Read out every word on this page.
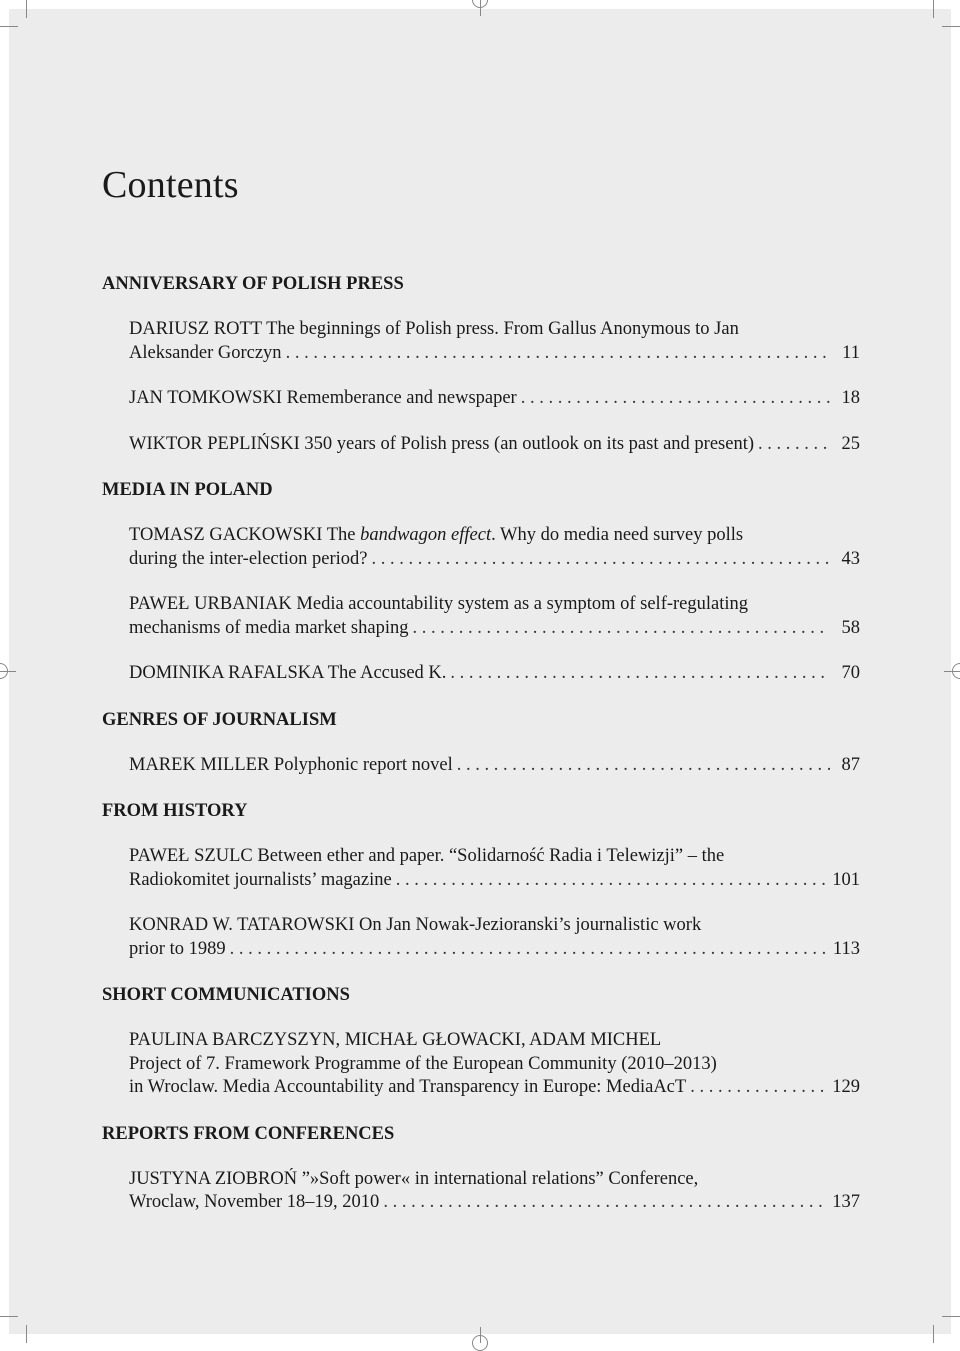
Contents
ANNIVERSARY OF POLISH PRESS
DARIUSZ ROTT The beginnings of Polish press. From Gallus Anonymous to Jan
Aleksander Gorczyn . . .	11
JAN TOMKOWSKI Rememberance and newspaper . . .	18
WIKTOR PEPLIŃSKI 350 years of Polish press (an outlook on its past and present) . . .	25
MEDIA IN POLAND
TOMASZ GACKOWSKI The bandwagon effect. Why do media need survey polls
during the inter-election period? . . .	43
PAWEŁ URBANIAK Media accountability system as a symptom of self-regulating
mechanisms of media market shaping . . .	58
DOMINIKA RAFALSKA The Accused K. . . .	70
GENRES OF JOURNALISM
MAREK MILLER Polyphonic report novel . . .	87
FROM HISTORY
PAWEŁ SZULC Between ether and paper. “Solidarność Radia i Telewizji” – the
Radiokomitet journalists’ magazine . . .	101
KONRAD W. TATAROWSKI On Jan Nowak-Jezioranski’s journalistic work
prior to 1989 . . .	113
SHORT COMMUNICATIONS
PAULINA BARCZYSZYN, MICHAŁ GŁOWACKI, ADAM MICHEL
Project of 7. Framework Programme of the European Community (2010–2013)
in Wroclaw. Media Accountability and Transparency in Europe: MediaAcT . . .	129
REPORTS FROM CONFERENCES
JUSTYNA ZIOBROŃ ”»Soft power« in international relations” Conference,
Wroclaw, November 18–19, 2010 . . .	137
